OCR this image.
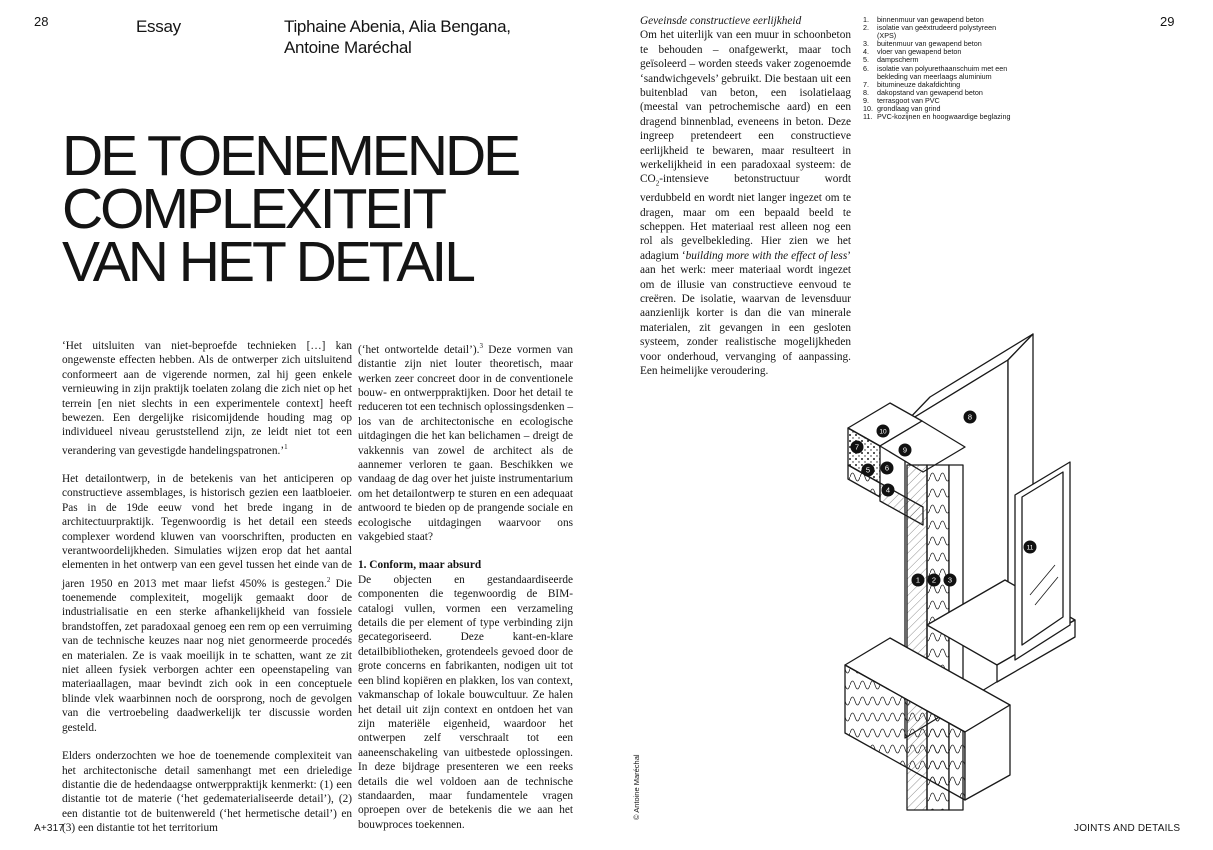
28	Essay	Tiphaine Abenia, Alia Bengana,
Antoine Maréchal
DE TOENEMENDE
COMPLEXITEIT
VAN HET DETAIL

‘Het uitsluiten van niet-beproefde technieken […] kan ongewenste effecten hebben. Als de ontwerper zich uitsluitend conformeert aan de vigerende normen, zal hij geen enkele vernieuwing in zijn praktijk toelaten zolang die zich niet op het terrein [en niet slechts in een experimentele context] heeft bewezen. Een dergelijke risicomijdende houding mag op individueel niveau geruststellend zijn, ze leidt niet tot een verandering van gevestigde handelingspatronen.’$^1$

Het detailontwerp, in de betekenis van het anticiperen op constructieve assemblages, is historisch gezien een laatbloeier. Pas in de 19de eeuw vond het brede ingang in de architectuurpraktijk. Tegenwoordig is het detail een steeds complexer wordend kluwen van voorschriften, producten en verantwoordelijkheden. Simulaties wijzen erop dat het aantal elementen in het ontwerp van een gevel tussen het einde van de jaren 1950 en 2013 met maar liefst 450% is gestegen.$^2$ Die toenemende complexiteit, mogelijk gemaakt door de industrialisatie en een sterke afhankelijkheid van fossiele brandstoffen, zet paradoxaal genoeg een rem op een verruiming van de technische keuzes naar nog niet genormeerde procedés en materialen. Ze is vaak moeilijk in te schatten, want ze zit niet alleen fysiek verborgen achter een opeenstapeling van materiaallagen, maar bevindt zich ook in een conceptuele blinde vlek waarbinnen noch de oorsprong, noch de gevolgen van die vertroebeling daadwerkelijk ter discussie worden gesteld.

Elders onderzochten we hoe de toenemende complexiteit van het architectonische detail samenhangt met een drieledige distantie die de hedendaagse ontwerppraktijk kenmerkt: (1) een distantie tot de materie (‘het gedematerialiseerde detail’), (2) een distantie tot de buitenwereld (‘het hermetische detail’) en (3) een distantie tot het territorium

(‘het ontwortelde detail’).$^3$ Deze vormen van distantie zijn niet louter theoretisch, maar werken zeer concreet door in de conventionele bouw- en ontwerppraktijken. Door het detail te reduceren tot een technisch oplossingsdenken – los van de architectonische en ecologische uitdagingen die het kan belichamen – dreigt de vakkennis van zowel de architect als de aannemer verloren te gaan. Beschikken we vandaag de dag over het juiste instrumentarium om het detailontwerp te sturen en een adequaat antwoord te bieden op de prangende sociale en ecologische uitdagingen waarvoor ons vakgebied staat?

1. Conform, maar absurd

De objecten en gestandaardiseerde componenten die tegenwoordig de BIM-catalogi vullen, vormen een verzameling details die per element of type verbinding zijn gecategoriseerd. Deze kant-en-klare detailbibliotheken, grotendeels gevoed door de grote concerns en fabrikanten, nodigen uit tot een blind kopiëren en plakken, los van context, vakmanschap of lokale bouwcultuur. Ze halen het detail uit zijn context en ontdoen het van zijn materiële eigenheid, waardoor het ontwerpen zelf verschraalt tot een aaneenschakeling van uitbestede oplossingen. In deze bijdrage presenteren we een reeks details die wel voldoen aan de technische standaarden, maar fundamentele vragen oproepen over de betekenis die we aan het bouwproces toekennen.

A+317
29
Geveinsde constructieve eerlijkheid

Om het uiterlijk van een muur in schoonbeton te behouden – onafgewerkt, maar toch geïsoleerd – worden steeds vaker zogenoemde ‘sandwichgevels’ gebruikt. Die bestaan uit een buitenblad van beton, een isolatielaag (meestal van petrochemische aard) en een dragend binnenblad, eveneens in beton. Deze ingreep pretendeert een constructieve eerlijkheid te bewaren, maar resulteert in werkelijkheid in een paradoxaal systeem: de $CO_2$-intensieve betonstructuur wordt verdubbeld en wordt niet langer ingezet om te dragen, maar om een bepaald beeld te scheppen. Het materiaal rest alleen nog een rol als gevelbekleding. Hier zien we het adagium ‘building more with the effect of less’ aan het werk: meer materiaal wordt ingezet om de illusie van constructieve eenvoud te creëren. De isolatie, waarvan de levensduur aanzienlijk korter is dan die van minerale materialen, zit gevangen in een gesloten systeem, zonder realistische mogelijkheden voor onderhoud, vervanging of aanpassing. Een heimelijke veroudering.

1. binnenmuur van gewapend beton
2. isolatie van geëxtrudeerd polystyreen (XPS)
3. buitenmuur van gewapend beton
4. vloer van gewapend beton
5. dampscherm
6. isolatie van polyurethaanschuim met een bekleding van meerlaags aluminium
7. bitumineuze dakafdichting
8. dakopstand van gewapend beton
9. terrasgoot van PVC
10. grondlaag van grind
11. PVC-kozijnen en hoogwaardige beglazing
© Antoine Maréchal
1 2 3
4
5 6
7
8
9
10
11
JOINTS AND DETAILS
